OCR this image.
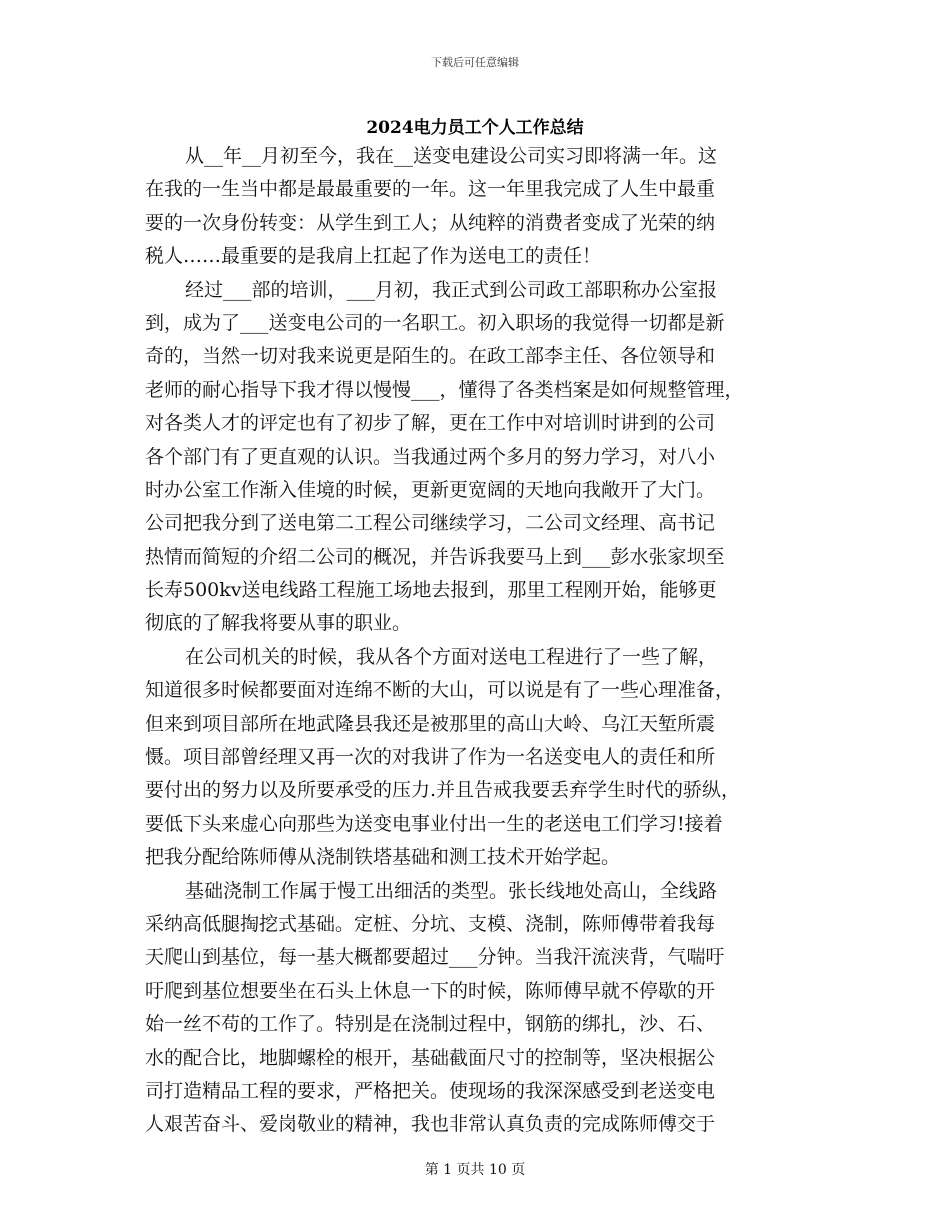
下载后可任意编辑
2024电力员工个人工作总结
从__年__月初至今，我在__送变电建设公司实习即将满一年。这
在我的一生当中都是最最重要的一年。这一年里我完成了人生中最重
要的一次身份转变：从学生到工人；从纯粹的消费者变成了光荣的纳
税人……最重要的是我肩上扛起了作为送电工的责任！
经过___部的培训，___月初，我正式到公司政工部职称办公室报
到，成为了___送变电公司的一名职工。初入职场的我觉得一切都是新
奇的，当然一切对我来说更是陌生的。在政工部李主任、各位领导和
老师的耐心指导下我才得以慢慢___，懂得了各类档案是如何规整管理，
对各类人才的评定也有了初步了解，更在工作中对培训时讲到的公司
各个部门有了更直观的认识。当我通过两个多月的努力学习，对八小
时办公室工作渐入佳境的时候，更新更宽阔的天地向我敞开了大门。
公司把我分到了送电第二工程公司继续学习，二公司文经理、高书记
热情而简短的介绍二公司的概况，并告诉我要马上到___彭水张家坝至
长寿500kv送电线路工程施工场地去报到，那里工程刚开始，能够更
彻底的了解我将要从事的职业。
在公司机关的时候，我从各个方面对送电工程进行了一些了解，
知道很多时候都要面对连绵不断的大山，可以说是有了一些心理准备，
但来到项目部所在地武隆县我还是被那里的高山大岭、乌江天堑所震
慑。项目部曾经理又再一次的对我讲了作为一名送变电人的责任和所
要付出的努力以及所要承受的压力.并且告戒我要丢弃学生时代的骄纵，
要低下头来虚心向那些为送变电事业付出一生的老送电工们学习!接着
把我分配给陈师傅从浇制铁塔基础和测工技术开始学起。
基础浇制工作属于慢工出细活的类型。张长线地处高山，全线路
采纳高低腿掏挖式基础。定桩、分坑、支模、浇制，陈师傅带着我每
天爬山到基位，每一基大概都要超过___分钟。当我汗流浃背，气喘吁
吁爬到基位想要坐在石头上休息一下的时候，陈师傅早就不停歇的开
始一丝不苟的工作了。特别是在浇制过程中，钢筋的绑扎，沙、石、
水的配合比，地脚螺栓的根开，基础截面尺寸的控制等，坚决根据公
司打造精品工程的要求，严格把关。使现场的我深深感受到老送变电
人艰苦奋斗、爱岗敬业的精神，我也非常认真负责的完成陈师傅交于
第 1 页共 10 页
